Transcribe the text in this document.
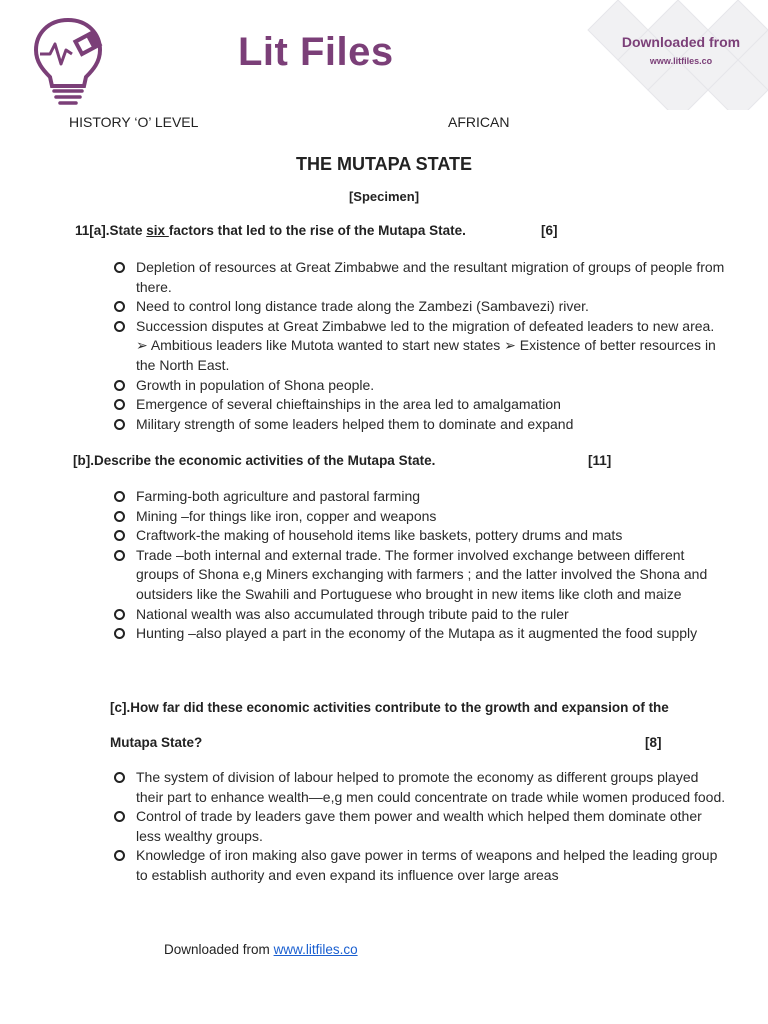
Lit Files	Downloaded from
www.litfiles.co
HISTORY ‘O’ LEVEL	AFRICAN
THE MUTAPA STATE
[Specimen]
11[a].State six factors that led to the rise of the Mutapa State.	[6]
Depletion of resources at Great Zimbabwe and the resultant migration of groups of people from there.
Need to control long distance trade along the Zambezi (Sambavezi) river.
Succession disputes at Great Zimbabwe led to the migration of defeated leaders to new area. ➢ Ambitious leaders like Mutota wanted to start new states ➢ Existence of better resources in the North East.
Growth in population of Shona people.
Emergence of several chieftainships in the area led to amalgamation
Military strength of some leaders helped them to dominate and expand
[b].Describe the economic activities of the Mutapa State.	[11]
Farming-both agriculture and pastoral farming
Mining –for things like iron, copper and weapons
Craftwork-the making of household items like baskets, pottery drums and mats
Trade –both internal and external trade. The former involved exchange between different groups of Shona e,g Miners exchanging with farmers ; and the latter involved the Shona and outsiders like the Swahili and Portuguese who brought in new items like cloth and maize
National wealth was also accumulated through tribute paid to the ruler
Hunting –also played a part in the economy of the Mutapa as it augmented the food supply
[c].How far did these economic activities contribute to the growth and expansion of the
Mutapa State?	[8]
The system of division of labour helped to promote the economy as different groups played their part to enhance wealth—e,g men could concentrate on trade while women produced food.
Control of trade by leaders gave them power and wealth which helped them dominate other less wealthy groups.
Knowledge of iron making also gave power in terms of weapons and helped the leading group to establish authority and even expand its influence over large areas
Downloaded from www.litfiles.co
